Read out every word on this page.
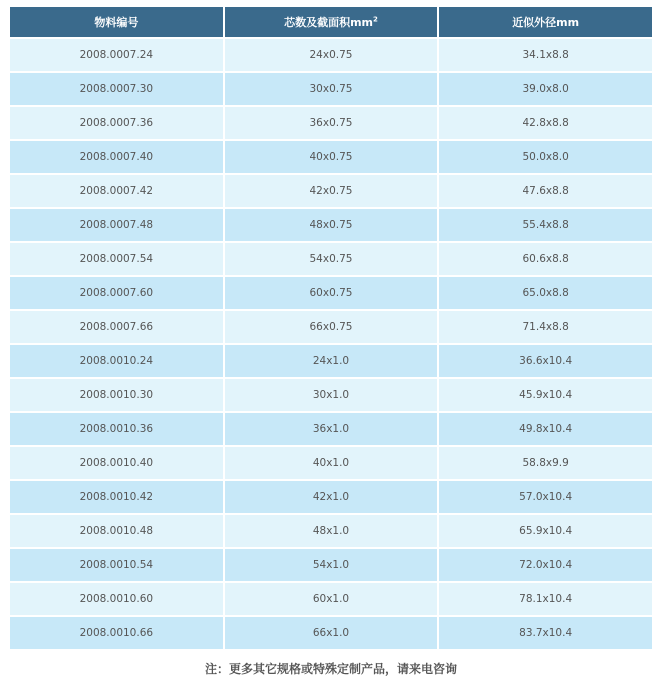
物料编号	芯数及截面积$mm^2$	近似外径mm
2008.0007.24	24x0.75	34.1x8.8
2008.0007.30	30x0.75	39.0x8.0
2008.0007.36	36x0.75	42.8x8.8
2008.0007.40	40x0.75	50.0x8.0
2008.0007.42	42x0.75	47.6x8.8
2008.0007.48	48x0.75	55.4x8.8
2008.0007.54	54x0.75	60.6x8.8
2008.0007.60	60x0.75	65.0x8.8
2008.0007.66	66x0.75	71.4x8.8
2008.0010.24	24x1.0	36.6x10.4
2008.0010.30	30x1.0	45.9x10.4
2008.0010.36	36x1.0	49.8x10.4
2008.0010.40	40x1.0	58.8x9.9
2008.0010.42	42x1.0	57.0x10.4
2008.0010.48	48x1.0	65.9x10.4
2008.0010.54	54x1.0	72.0x10.4
2008.0010.60	60x1.0	78.1x10.4
2008.0010.66	66x1.0	83.7x10.4
注：更多其它规格或特殊定制产品，请来电咨询
